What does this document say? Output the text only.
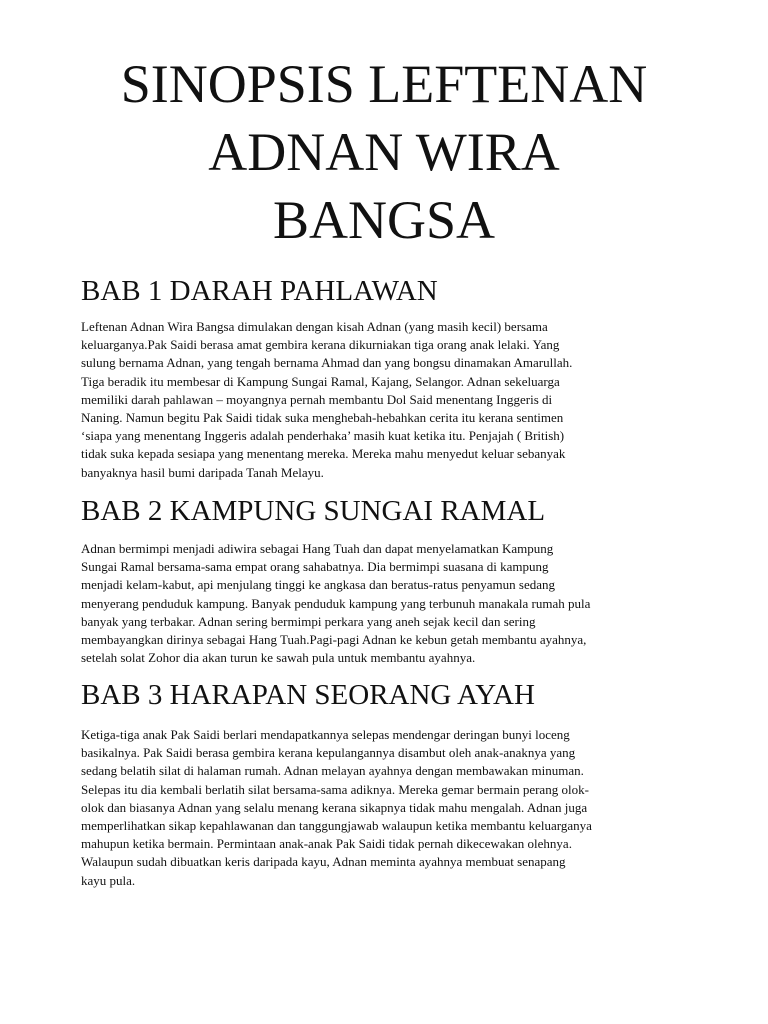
SINOPSIS LEFTENAN
ADNAN WIRA
BANGSA
BAB 1 DARAH PAHLAWAN
Leftenan Adnan Wira Bangsa dimulakan dengan kisah Adnan (yang masih kecil) bersama
keluarganya.Pak Saidi berasa amat gembira kerana dikurniakan tiga orang anak lelaki. Yang
sulung bernama Adnan, yang tengah bernama Ahmad dan yang bongsu dinamakan Amarullah.
Tiga beradik itu membesar di Kampung Sungai Ramal, Kajang, Selangor. Adnan sekeluarga
memiliki darah pahlawan – moyangnya pernah membantu Dol Said menentang Inggeris di
Naning. Namun begitu Pak Saidi tidak suka menghebah-hebahkan cerita itu kerana sentimen
‘siapa yang menentang Inggeris adalah penderhaka’ masih kuat ketika itu. Penjajah ( British)
tidak suka kepada sesiapa yang menentang mereka. Mereka mahu menyedut keluar sebanyak
banyaknya hasil bumi daripada Tanah Melayu.
BAB 2 KAMPUNG SUNGAI RAMAL
Adnan bermimpi menjadi adiwira sebagai Hang Tuah dan dapat menyelamatkan Kampung
Sungai Ramal bersama-sama empat orang sahabatnya. Dia bermimpi suasana di kampung
menjadi kelam-kabut, api menjulang tinggi ke angkasa dan beratus-ratus penyamun sedang
menyerang penduduk kampung. Banyak penduduk kampung yang terbunuh manakala rumah pula
banyak yang terbakar. Adnan sering bermimpi perkara yang aneh sejak kecil dan sering
membayangkan dirinya sebagai Hang Tuah.Pagi-pagi Adnan ke kebun getah membantu ayahnya,
setelah solat Zohor dia akan turun ke sawah pula untuk membantu ayahnya.
BAB 3 HARAPAN SEORANG AYAH
Ketiga-tiga anak Pak Saidi berlari mendapatkannya selepas mendengar deringan bunyi loceng
basikalnya. Pak Saidi berasa gembira kerana kepulangannya disambut oleh anak-anaknya yang
sedang belatih silat di halaman rumah. Adnan melayan ayahnya dengan membawakan minuman.
Selepas itu dia kembali berlatih silat bersama-sama adiknya. Mereka gemar bermain perang olok-
olok dan biasanya Adnan yang selalu menang kerana sikapnya tidak mahu mengalah. Adnan juga
memperlihatkan sikap kepahlawanan dan tanggungjawab walaupun ketika membantu keluarganya
mahupun ketika bermain. Permintaan anak-anak Pak Saidi tidak pernah dikecewakan olehnya.
Walaupun sudah dibuatkan keris daripada kayu, Adnan meminta ayahnya membuat senapang
kayu pula.
